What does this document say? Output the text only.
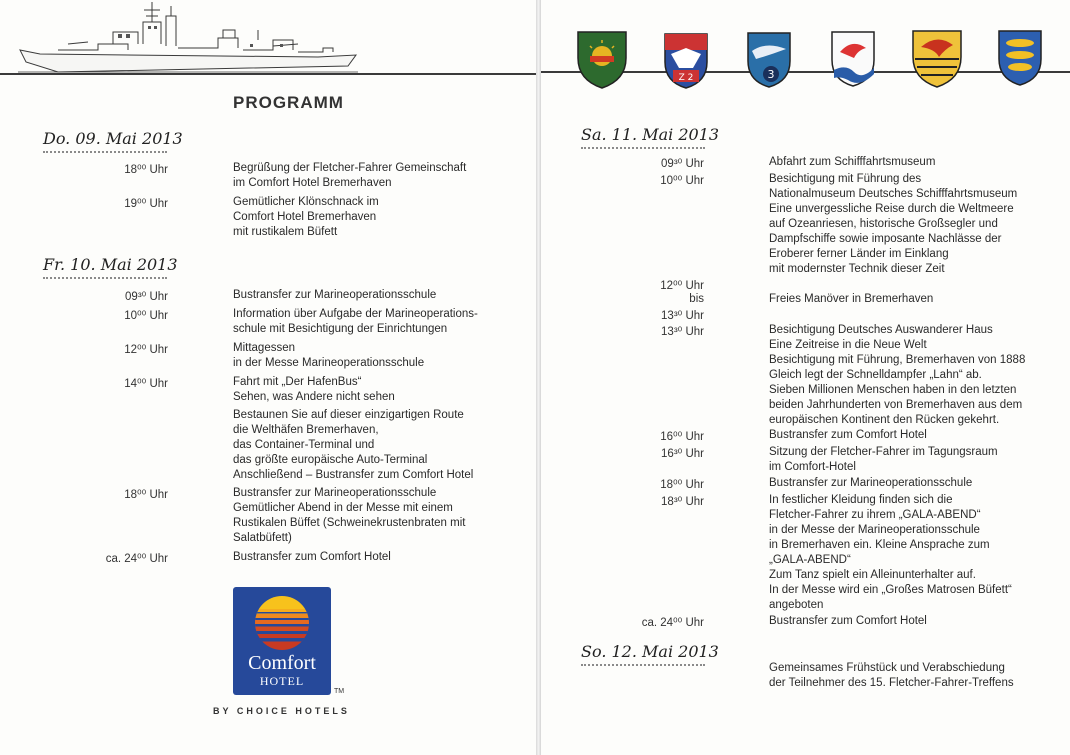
PROGRAMM
Do. 09. Mai 2013
Fr. 10. Mai 2013
18⁰⁰ Uhr	Begrüßung der Fletcher-Fahrer Gemeinschaft
im Comfort Hotel Bremerhaven
19⁰⁰ Uhr	Gemütlicher Klönschnack im
Comfort Hotel Bremerhaven
mit rustikalem Büfett
09³⁰ Uhr	Bustransfer zur Marineoperationsschule
10⁰⁰ Uhr	Information über Aufgabe der Marineoperations-
schule mit Besichtigung der Einrichtungen
12⁰⁰ Uhr	Mittagessen
in der Messe Marineoperationsschule
14⁰⁰ Uhr	Fahrt mit „Der HafenBus“
Sehen, was Andere nicht sehen
Bestaunen Sie auf dieser einzigartigen Route
die Welthäfen Bremerhaven,
das Container-Terminal und
das größte europäische Auto-Terminal
Anschließend – Bustransfer zum Comfort Hotel
18⁰⁰ Uhr	Bustransfer zur Marineoperationsschule
Gemütlicher Abend in der Messe mit einem
Rustikalen Büffet (Schweinekrustenbraten mit
Salatbüfett)
ca. 24⁰⁰ Uhr	Bustransfer zum Comfort Hotel
Comfort
HOTEL
TM
BY CHOICE HOTELS
Z 2	3
Sa. 11. Mai 2013
So. 12. Mai 2013
09³⁰ Uhr	Abfahrt zum Schifffahrtsmuseum
10⁰⁰ Uhr	Besichtigung mit Führung des
Nationalmuseum Deutsches Schifffahrtsmuseum
Eine unvergessliche Reise durch die Weltmeere
auf Ozeanriesen, historische Großsegler und
Dampfschiffe sowie imposante Nachlässe der
Eroberer ferner Länder im Einklang
mit modernster Technik dieser Zeit
12⁰⁰ Uhr
bis	Freies Manöver in Bremerhaven
13³⁰ Uhr
13³⁰ Uhr	Besichtigung Deutsches Auswanderer Haus
Eine Zeitreise in die Neue Welt
Besichtigung mit Führung, Bremerhaven von 1888
Gleich legt der Schnelldampfer „Lahn“ ab.
Sieben Millionen Menschen haben in den letzten
beiden Jahrhunderten von Bremerhaven aus dem
europäischen Kontinent den Rücken gekehrt.
16⁰⁰ Uhr	Bustransfer zum Comfort Hotel
16³⁰ Uhr	Sitzung der Fletcher-Fahrer im Tagungsraum
im Comfort-Hotel
18⁰⁰ Uhr	Bustransfer zur Marineoperationsschule
18³⁰ Uhr	In festlicher Kleidung finden sich die
Fletcher-Fahrer zu ihrem „GALA-ABEND“
in der Messe der Marineoperationsschule
in Bremerhaven ein. Kleine Ansprache zum
„GALA-ABEND“
Zum Tanz spielt ein Alleinunterhalter auf.
In der Messe wird ein „Großes Matrosen Büfett“
angeboten
ca. 24⁰⁰ Uhr	Bustransfer zum Comfort Hotel
Gemeinsames Frühstück und Verabschiedung
der Teilnehmer des 15. Fletcher-Fahrer-Treffens
